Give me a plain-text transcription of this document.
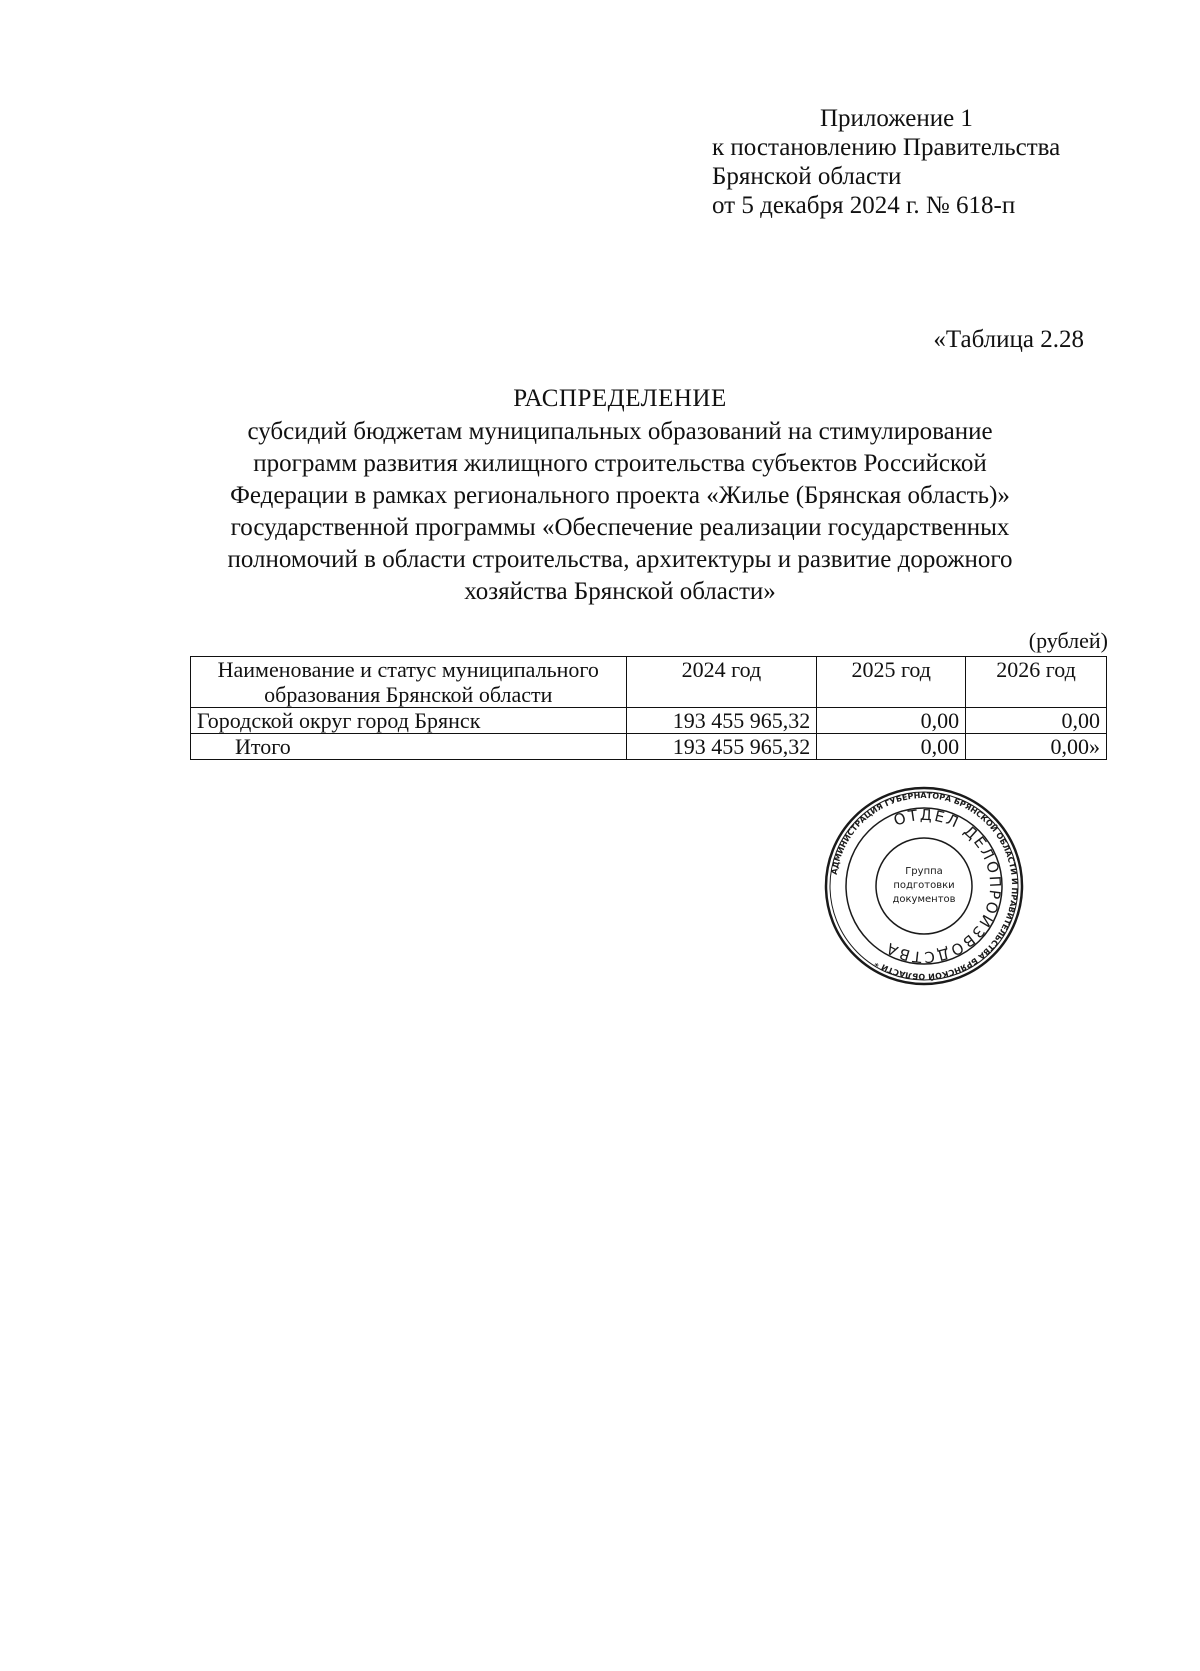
Приложение 1
к постановлению Правительства
Брянской области
от 5 декабря 2024 г. № 618-п
«Таблица 2.28
РАСПРЕДЕЛЕНИЕ
субсидий бюджетам муниципальных образований на стимулирование
программ развития жилищного строительства субъектов Российской
Федерации в рамках регионального проекта «Жилье (Брянская область)»
государственной программы «Обеспечение реализации государственных
полномочий в области строительства, архитектуры и развитие дорожного
хозяйства Брянской области»
(рублей)
Наименование и статус муниципального образования Брянской области	2024 год	2025 год	2026 год
Городской округ город Брянск	193 455 965,32	0,00	0,00
Итого	193 455 965,32	0,00	0,00»
АДМИНИСТРАЦИЯ ГУБЕРНАТОРА БРЯНСКОЙ ОБЛАСТИ И ПРАВИТЕЛЬСТВА БРЯНСКОЙ ОБЛАСТИ *
ОТДЕЛ ДЕЛОПРОИЗВОДСТВА
Группа
подготовки
документов
